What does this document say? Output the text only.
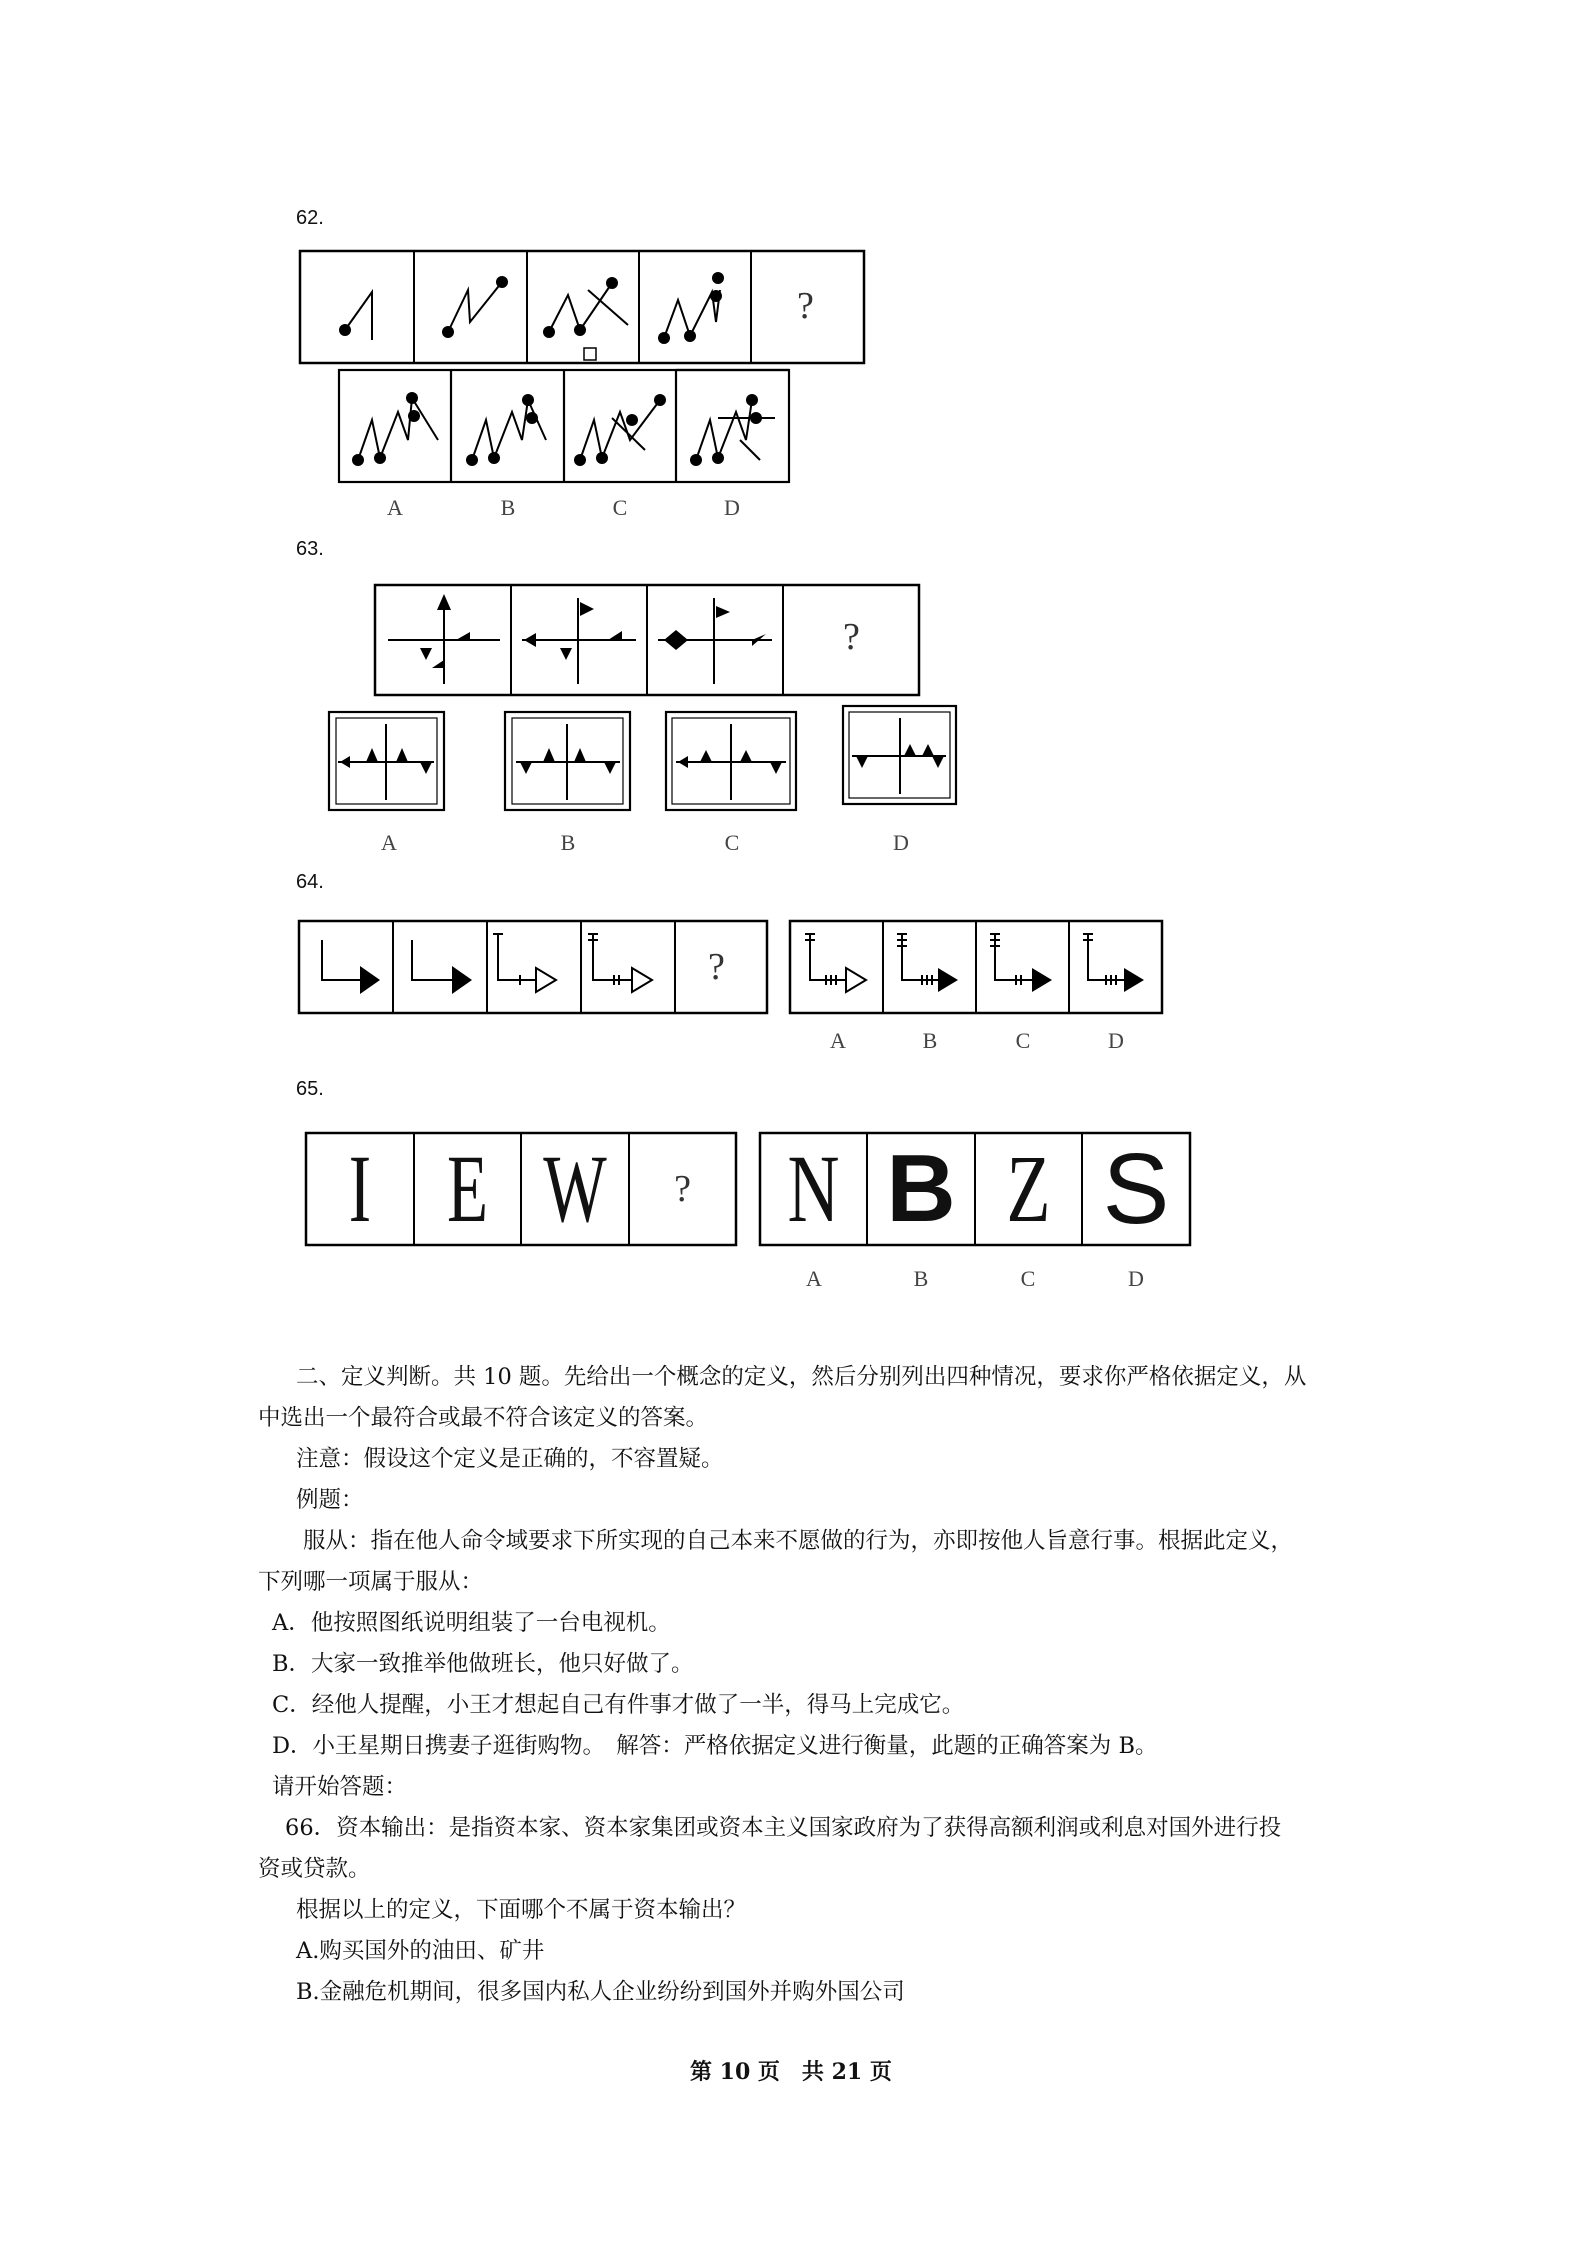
62.
?
A	B	C	D
63.
?
A	B	C	D
64.
?
A	B	C	D
65.
I E W	?	N B Z S
A	B	C	D
二、定义判断。共 10 题。先给出一个概念的定义，然后分别列出四种情况，要求你严格依据定义，从
中选出一个最符合或最不符合该定义的答案。
注意：假设这个定义是正确的，不容置疑。
例题：
服从：指在他人命令域要求下所实现的自己本来不愿做的行为，亦即按他人旨意行事。根据此定义，
下列哪一项属于服从：
A．他按照图纸说明组装了一台电视机。
B．大家一致推举他做班长，他只好做了。
C．经他人提醒，小王才想起自己有件事才做了一半，得马上完成它。
D．小王星期日携妻子逛街购物。　解答：严格依据定义进行衡量，此题的正确答案为 B。
请开始答题：
66．资本输出：是指资本家、资本家集团或资本主义国家政府为了获得高额利润或利息对国外进行投
资或贷款。
根据以上的定义，下面哪个不属于资本输出？
A.购买国外的油田、矿井
B.金融危机期间，很多国内私人企业纷纷到国外并购外国公司
第 10 页　共 21 页
